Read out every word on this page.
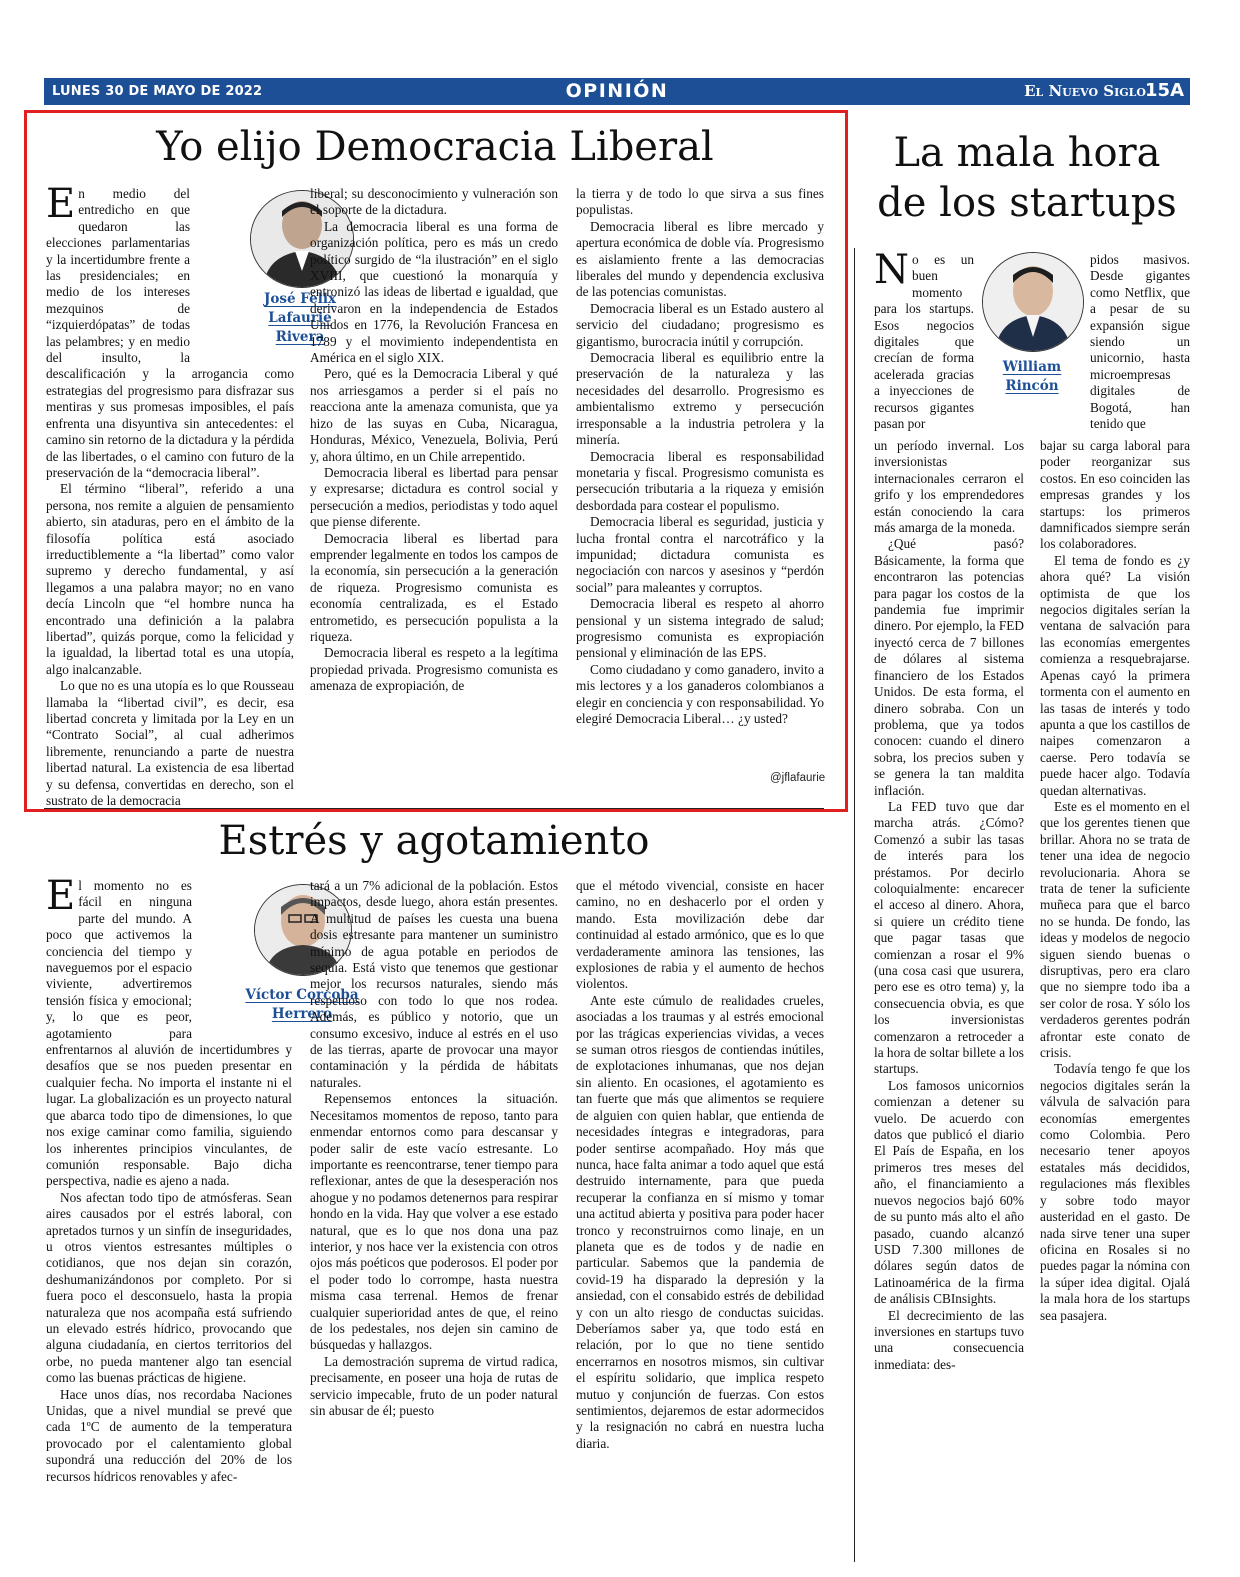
LUNES 30 DE MAYO DE 2022	OPINIÓN	El Nuevo Siglo 15A
Yo elijo Democracia Liberal

En medio del entredicho en que quedaron las elecciones parlamentarias y la incertidumbre frente a las presidenciales; en medio de los intereses mezquinos de “izquierdópatas” de todas las pelambres; y en medio del insulto, la descalificación y la arrogancia como estrategias del progresismo para disfrazar sus mentiras y sus promesas imposibles, el país enfrenta una disyuntiva sin antecedentes: el camino sin retorno de la dictadura y la pérdida de las libertades, o el camino con futuro de la preservación de la “democracia liberal”.

El término “liberal”, referido a una persona, nos remite a alguien de pensamiento abierto, sin ataduras, pero en el ámbito de la filosofía política está asociado irreductiblemente a “la libertad” como valor supremo y derecho fundamental, y así llegamos a una palabra mayor; no en vano decía Lincoln que “el hombre nunca ha encontrado una definición a la palabra libertad”, quizás porque, como la felicidad y la igualdad, la libertad total es una utopía, algo inalcanzable.

Lo que no es una utopía es lo que Rousseau llamaba la “libertad civil”, es decir, esa libertad concreta y limitada por la Ley en un “Contrato Social”, al cual adherimos libremente, renunciando a parte de nuestra libertad natural. La existencia de esa libertad y su defensa, convertidas en derecho, son el sustrato de la democracia

José Félix
Lafaurie
Rivera

liberal; su desconocimiento y vulneración son el soporte de la dictadura.

La democracia liberal es una forma de organización política, pero es más un credo político surgido de “la ilustración” en el siglo XVIII, que cuestionó la monarquía y entronizó las ideas de libertad e igualdad, que derivaron en la independencia de Estados Unidos en 1776, la Revolución Francesa en 1789 y el movimiento independentista en América en el siglo XIX.

Pero, qué es la Democracia Liberal y qué nos arriesgamos a perder si el país no reacciona ante la amenaza comunista, que ya hizo de las suyas en Cuba, Nicaragua, Honduras, México, Venezuela, Bolivia, Perú y, ahora último, en un Chile arrepentido.

Democracia liberal es libertad para pensar y expresarse; dictadura es control social y persecución a medios, periodistas y todo aquel que piense diferente.

Democracia liberal es libertad para emprender legalmente en todos los campos de la economía, sin persecución a la generación de riqueza. Progresismo comunista es economía centralizada, es el Estado entrometido, es persecución populista a la riqueza.

Democracia liberal es respeto a la legítima propiedad privada. Progresismo comunista es amenaza de expropiación, de

la tierra y de todo lo que sirva a sus fines populistas.

Democracia liberal es libre mercado y apertura económica de doble vía. Progresismo es aislamiento frente a las democracias liberales del mundo y dependencia exclusiva de las potencias comunistas.

Democracia liberal es un Estado austero al servicio del ciudadano; progresismo es gigantismo, burocracia inútil y corrupción.

Democracia liberal es equilibrio entre la preservación de la naturaleza y las necesidades del desarrollo. Progresismo es ambientalismo extremo y persecución irresponsable a la industria petrolera y la minería.

Democracia liberal es responsabilidad monetaria y fiscal. Progresismo comunista es persecución tributaria a la riqueza y emisión desbordada para costear el populismo.

Democracia liberal es seguridad, justicia y lucha frontal contra el narcotráfico y la impunidad; dictadura comunista es negociación con narcos y asesinos y “perdón social” para maleantes y corruptos.

Democracia liberal es respeto al ahorro pensional y un sistema integrado de salud; progresismo comunista es expropiación pensional y eliminación de las EPS.

Como ciudadano y como ganadero, invito a mis lectores y a los ganaderos colombianos a elegir en conciencia y con responsabilidad. Yo elegiré Democracia Liberal… ¿y usted?

@jflafaurie
Estrés y agotamiento

El momento no es fácil en ninguna parte del mundo. A poco que activemos la conciencia del tiempo y naveguemos por el espacio viviente, advertiremos tensión física y emocional; y, lo que es peor, agotamiento para enfrentarnos al aluvión de incertidumbres y desafíos que se nos pueden presentar en cualquier fecha. No importa el instante ni el lugar. La globalización es un proyecto natural que abarca todo tipo de dimensiones, lo que nos exige caminar como familia, siguiendo los inherentes principios vinculantes, de comunión responsable. Bajo dicha perspectiva, nadie es ajeno a nada.

Nos afectan todo tipo de atmósferas. Sean aires causados por el estrés laboral, con apretados turnos y un sinfín de inseguridades, u otros vientos estresantes múltiples o cotidianos, que nos dejan sin corazón, deshumanizándonos por completo. Por si fuera poco el desconsuelo, hasta la propia naturaleza que nos acompaña está sufriendo un elevado estrés hídrico, provocando que alguna ciudadanía, en ciertos territorios del orbe, no pueda mantener algo tan esencial como las buenas prácticas de higiene.

Hace unos días, nos recordaba Naciones Unidas, que a nivel mundial se prevé que cada 1ºC de aumento de la temperatura provocado por el calentamiento global supondrá una reducción del 20% de los recursos hídricos renovables y afec-

Víctor Corcoba
Herrero

tará a un 7% adicional de la población. Estos impactos, desde luego, ahora están presentes. A multitud de países les cuesta una buena dosis estresante para mantener un suministro mínimo de agua potable en periodos de sequía. Está visto que tenemos que gestionar mejor los recursos naturales, siendo más respetuoso con todo lo que nos rodea. Además, es público y notorio, que un consumo excesivo, induce al estrés en el uso de las tierras, aparte de provocar una mayor contaminación y la pérdida de hábitats naturales.

Repensemos entonces la situación. Necesitamos momentos de reposo, tanto para enmendar entornos como para descansar y poder salir de este vacío estresante. Lo importante es reencontrarse, tener tiempo para reflexionar, antes de que la desesperación nos ahogue y no podamos detenernos para respirar hondo en la vida. Hay que volver a ese estado natural, que es lo que nos dona una paz interior, y nos hace ver la existencia con otros ojos más poéticos que poderosos. El poder por el poder todo lo corrompe, hasta nuestra misma casa terrenal. Hemos de frenar cualquier superioridad antes de que, el reino de los pedestales, nos dejen sin camino de búsquedas y hallazgos.

La demostración suprema de virtud radica, precisamente, en poseer una hoja de rutas de servicio impecable, fruto de un poder natural sin abusar de él; puesto

que el método vivencial, consiste en hacer camino, no en deshacerlo por el orden y mando. Esta movilización debe dar continuidad al estado armónico, que es lo que verdaderamente aminora las tensiones, las explosiones de rabia y el aumento de hechos violentos.

Ante este cúmulo de realidades crueles, asociadas a los traumas y al estrés emocional por las trágicas experiencias vividas, a veces se suman otros riesgos de contiendas inútiles, de explotaciones inhumanas, que nos dejan sin aliento. En ocasiones, el agotamiento es tan fuerte que más que alimentos se requiere de alguien con quien hablar, que entienda de necesidades íntegras e integradoras, para poder sentirse acompañado. Hoy más que nunca, hace falta animar a todo aquel que está destruido internamente, para que pueda recuperar la confianza en sí mismo y tomar una actitud abierta y positiva para poder hacer tronco y reconstruirnos como linaje, en un planeta que es de todos y de nadie en particular. Sabemos que la pandemia de covid-19 ha disparado la depresión y la ansiedad, con el consabido estrés de debilidad y con un alto riesgo de conductas suicidas. Deberíamos saber ya, que todo está en relación, por lo que no tiene sentido encerrarnos en nosotros mismos, sin cultivar el espíritu solidario, que implica respeto mutuo y conjunción de fuerzas. Con estos sentimientos, dejaremos de estar adormecidos y la resignación no cabrá en nuestra lucha diaria.

La mala hora
de los startups

No es un buen momento para los startups. Esos negocios digitales que crecían de forma acelerada gracias a inyecciones de recursos gigantes pasan por

pidos masivos. Desde gigantes como Netflix, que a pesar de su expansión sigue siendo un unicornio, hasta microempresas digitales de Bogotá, han tenido que

William
Rincón

un período invernal. Los inversionistas internacionales cerraron el grifo y los emprendedores están conociendo la cara más amarga de la moneda.

¿Qué pasó? Básicamente, la forma que encontraron las potencias para pagar los costos de la pandemia fue imprimir dinero. Por ejemplo, la FED inyectó cerca de 7 billones de dólares al sistema financiero de los Estados Unidos. De esta forma, el dinero sobraba. Con un problema, que ya todos conocen: cuando el dinero sobra, los precios suben y se genera la tan maldita inflación.

La FED tuvo que dar marcha atrás. ¿Cómo? Comenzó a subir las tasas de interés para los préstamos. Por decirlo coloquialmente: encarecer el acceso al dinero. Ahora, si quiere un crédito tiene que pagar tasas que comienzan a rosar el 9% (una cosa casi que usurera, pero ese es otro tema) y, la consecuencia obvia, es que los inversionistas comenzaron a retroceder a la hora de soltar billete a los startups.

Los famosos unicornios comienzan a detener su vuelo. De acuerdo con datos que publicó el diario El País de España, en los primeros tres meses del año, el financiamiento a nuevos negocios bajó 60% de su punto más alto el año pasado, cuando alcanzó USD 7.300 millones de dólares según datos de Latinoamérica de la firma de análisis CBInsights.

El decrecimiento de las inversiones en startups tuvo una consecuencia inmediata: des-

bajar su carga laboral para poder reorganizar sus costos. En eso coinciden las empresas grandes y los startups: los primeros damnificados siempre serán los colaboradores.

El tema de fondo es ¿y ahora qué? La visión optimista de que los negocios digitales serían la ventana de salvación para las economías emergentes comienza a resquebrajarse. Apenas cayó la primera tormenta con el aumento en las tasas de interés y todo apunta a que los castillos de naipes comenzaron a caerse. Pero todavía se puede hacer algo. Todavía quedan alternativas.

Este es el momento en el que los gerentes tienen que brillar. Ahora no se trata de tener una idea de negocio revolucionaria. Ahora se trata de tener la suficiente muñeca para que el barco no se hunda. De fondo, las ideas y modelos de negocio siguen siendo buenas o disruptivas, pero era claro que no siempre todo iba a ser color de rosa. Y sólo los verdaderos gerentes podrán afrontar este conato de crisis.

Todavía tengo fe que los negocios digitales serán la válvula de salvación para economías emergentes como Colombia. Pero necesario tener apoyos estatales más decididos, regulaciones más flexibles y sobre todo mayor austeridad en el gasto. De nada sirve tener una super oficina en Rosales si no puedes pagar la nómina con la súper idea digital. Ojalá la mala hora de los startups sea pasajera.
